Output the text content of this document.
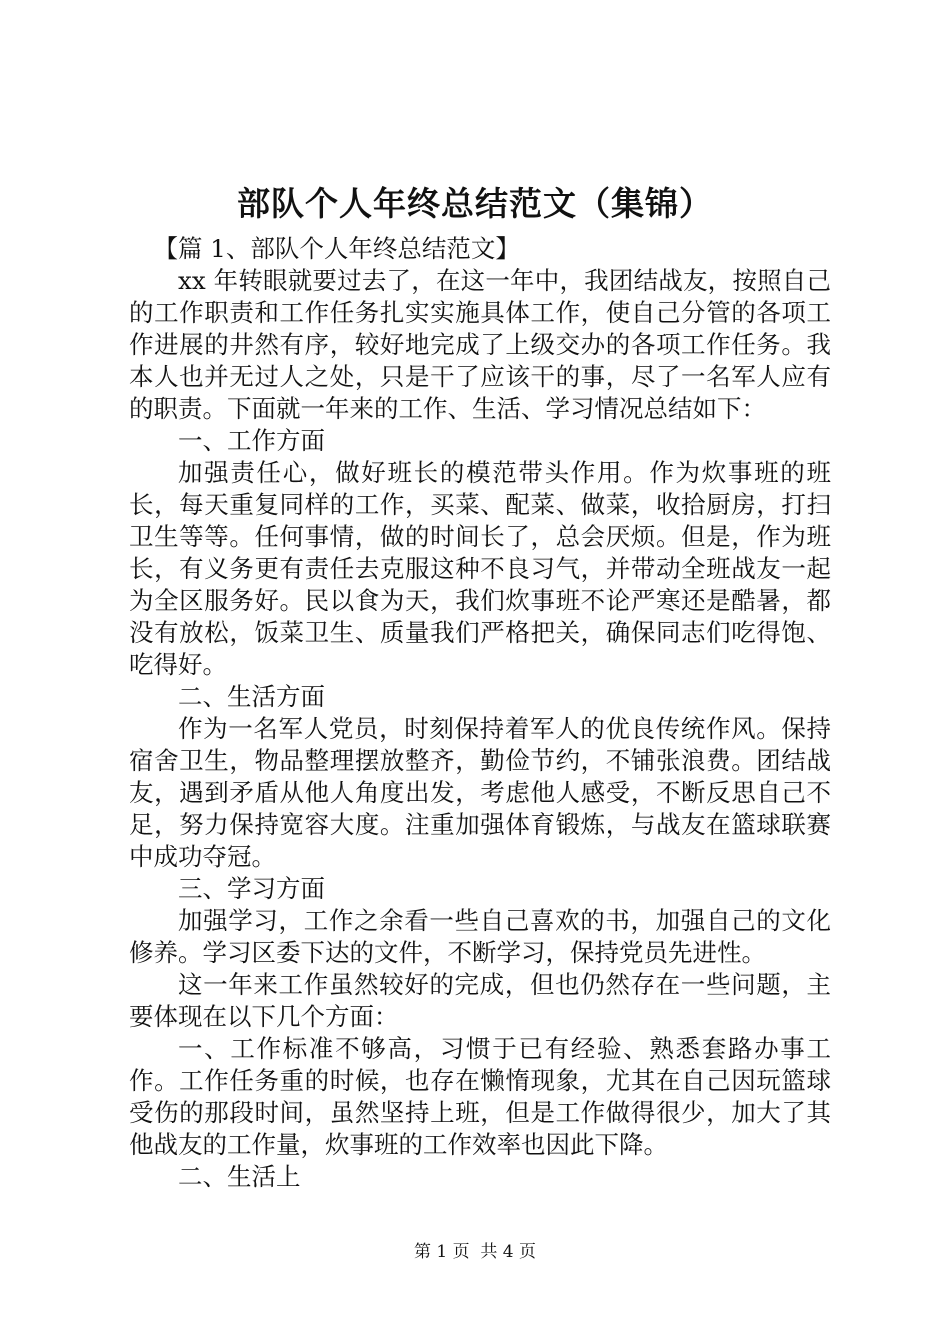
部队个人年终总结范文（集锦）

【篇 1、部队个人年终总结范文】

xx 年转眼就要过去了，在这一年中，我团结战友，按照自己的工作职责和工作任务扎实实施具体工作，使自己分管的各项工作进展的井然有序，较好地完成了上级交办的各项工作任务。我本人也并无过人之处，只是干了应该干的事，尽了一名军人应有的职责。下面就一年来的工作、生活、学习情况总结如下：

一、工作方面

加强责任心，做好班长的模范带头作用。作为炊事班的班长，每天重复同样的工作，买菜、配菜、做菜，收拾厨房，打扫卫生等等。任何事情，做的时间长了，总会厌烦。但是，作为班长，有义务更有责任去克服这种不良习气，并带动全班战友一起为全区服务好。民以食为天，我们炊事班不论严寒还是酷暑，都没有放松，饭菜卫生、质量我们严格把关，确保同志们吃得饱、吃得好。

二、生活方面

作为一名军人党员，时刻保持着军人的优良传统作风。保持宿舍卫生，物品整理摆放整齐，勤俭节约，不铺张浪费。团结战友，遇到矛盾从他人角度出发，考虑他人感受，不断反思自己不足，努力保持宽容大度。注重加强体育锻炼，与战友在篮球联赛中成功夺冠。

三、学习方面

加强学习，工作之余看一些自己喜欢的书，加强自己的文化修养。学习区委下达的文件，不断学习，保持党员先进性。

这一年来工作虽然较好的完成，但也仍然存在一些问题，主要体现在以下几个方面：

一、工作标准不够高，习惯于已有经验、熟悉套路办事工作。工作任务重的时候，也存在懒惰现象，尤其在自己因玩篮球受伤的那段时间，虽然坚持上班，但是工作做得很少，加大了其他战友的工作量，炊事班的工作效率也因此下降。

二、生活上

第 1 页 共 4 页
